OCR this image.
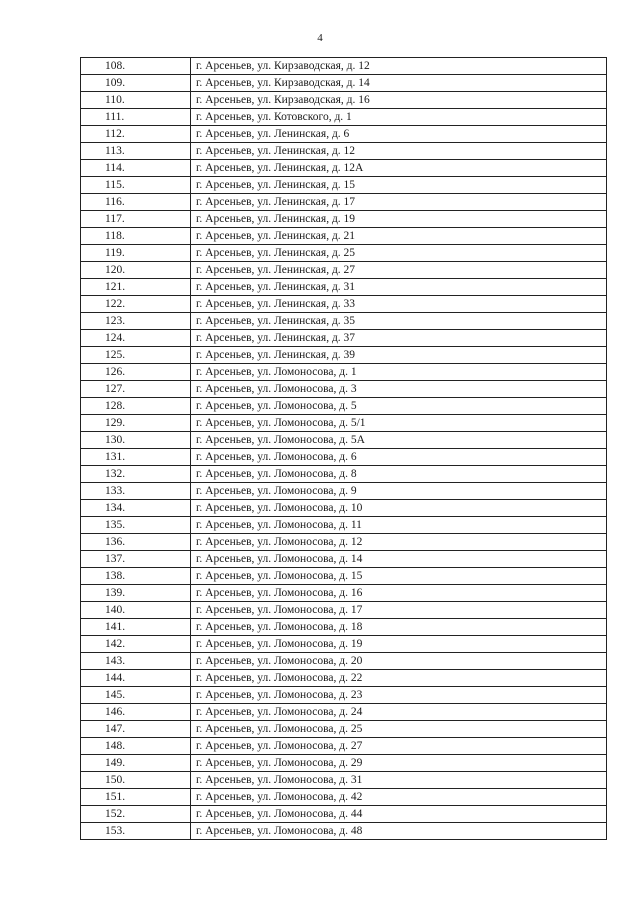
4
108.	г. Арсеньев, ул. Кирзаводская, д. 12
109.	г. Арсеньев, ул. Кирзаводская, д. 14
110.	г. Арсеньев, ул. Кирзаводская, д. 16
111.	г. Арсеньев, ул. Котовского, д. 1
112.	г. Арсеньев, ул. Ленинская, д. 6
113.	г. Арсеньев, ул. Ленинская, д. 12
114.	г. Арсеньев, ул. Ленинская, д. 12А
115.	г. Арсеньев, ул. Ленинская, д. 15
116.	г. Арсеньев, ул. Ленинская, д. 17
117.	г. Арсеньев, ул. Ленинская, д. 19
118.	г. Арсеньев, ул. Ленинская, д. 21
119.	г. Арсеньев, ул. Ленинская, д. 25
120.	г. Арсеньев, ул. Ленинская, д. 27
121.	г. Арсеньев, ул. Ленинская, д. 31
122.	г. Арсеньев, ул. Ленинская, д. 33
123.	г. Арсеньев, ул. Ленинская, д. 35
124.	г. Арсеньев, ул. Ленинская, д. 37
125.	г. Арсеньев, ул. Ленинская, д. 39
126.	г. Арсеньев, ул. Ломоносова, д. 1
127.	г. Арсеньев, ул. Ломоносова, д. 3
128.	г. Арсеньев, ул. Ломоносова, д. 5
129.	г. Арсеньев, ул. Ломоносова, д. 5/1
130.	г. Арсеньев, ул. Ломоносова, д. 5А
131.	г. Арсеньев, ул. Ломоносова, д. 6
132.	г. Арсеньев, ул. Ломоносова, д. 8
133.	г. Арсеньев, ул. Ломоносова, д. 9
134.	г. Арсеньев, ул. Ломоносова, д. 10
135.	г. Арсеньев, ул. Ломоносова, д. 11
136.	г. Арсеньев, ул. Ломоносова, д. 12
137.	г. Арсеньев, ул. Ломоносова, д. 14
138.	г. Арсеньев, ул. Ломоносова, д. 15
139.	г. Арсеньев, ул. Ломоносова, д. 16
140.	г. Арсеньев, ул. Ломоносова, д. 17
141.	г. Арсеньев, ул. Ломоносова, д. 18
142.	г. Арсеньев, ул. Ломоносова, д. 19
143.	г. Арсеньев, ул. Ломоносова, д. 20
144.	г. Арсеньев, ул. Ломоносова, д. 22
145.	г. Арсеньев, ул. Ломоносова, д. 23
146.	г. Арсеньев, ул. Ломоносова, д. 24
147.	г. Арсеньев, ул. Ломоносова, д. 25
148.	г. Арсеньев, ул. Ломоносова, д. 27
149.	г. Арсеньев, ул. Ломоносова, д. 29
150.	г. Арсеньев, ул. Ломоносова, д. 31
151.	г. Арсеньев, ул. Ломоносова, д. 42
152.	г. Арсеньев, ул. Ломоносова, д. 44
153.	г. Арсеньев, ул. Ломоносова, д. 48
